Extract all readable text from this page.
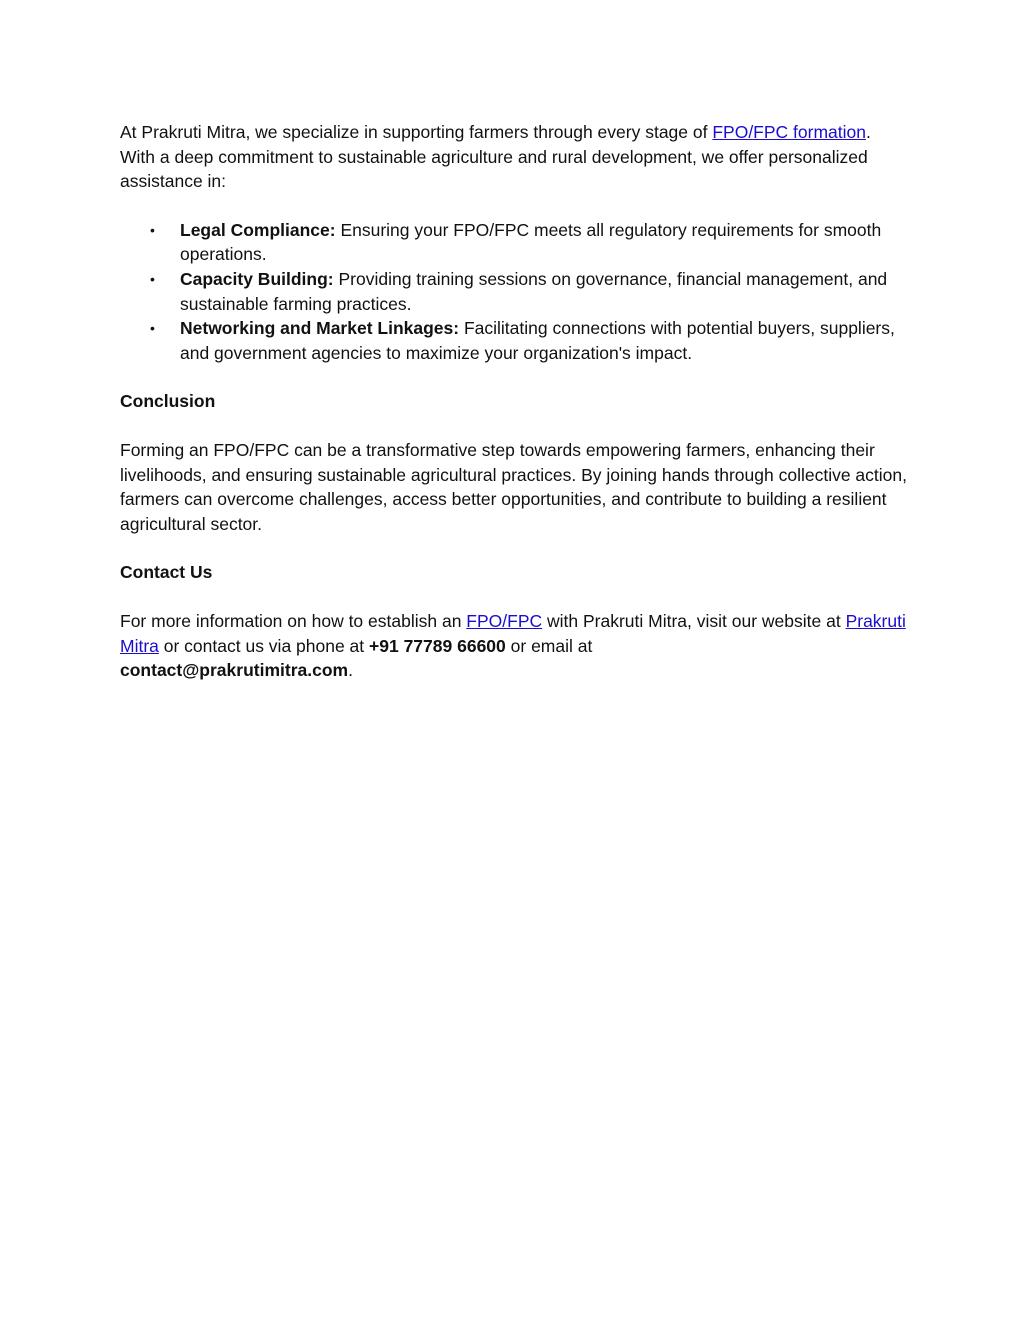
At Prakruti Mitra, we specialize in supporting farmers through every stage of FPO/FPC formation. With a deep commitment to sustainable agriculture and rural development, we offer personalized assistance in:

• Legal Compliance: Ensuring your FPO/FPC meets all regulatory requirements for smooth operations.
• Capacity Building: Providing training sessions on governance, financial management, and sustainable farming practices.
• Networking and Market Linkages: Facilitating connections with potential buyers, suppliers, and government agencies to maximize your organization's impact.

Conclusion

Forming an FPO/FPC can be a transformative step towards empowering farmers, enhancing their livelihoods, and ensuring sustainable agricultural practices. By joining hands through collective action, farmers can overcome challenges, access better opportunities, and contribute to building a resilient agricultural sector.

Contact Us

For more information on how to establish an FPO/FPC with Prakruti Mitra, visit our website at Prakruti Mitra or contact us via phone at +91 77789 66600 or email at
contact@prakrutimitra.com.
